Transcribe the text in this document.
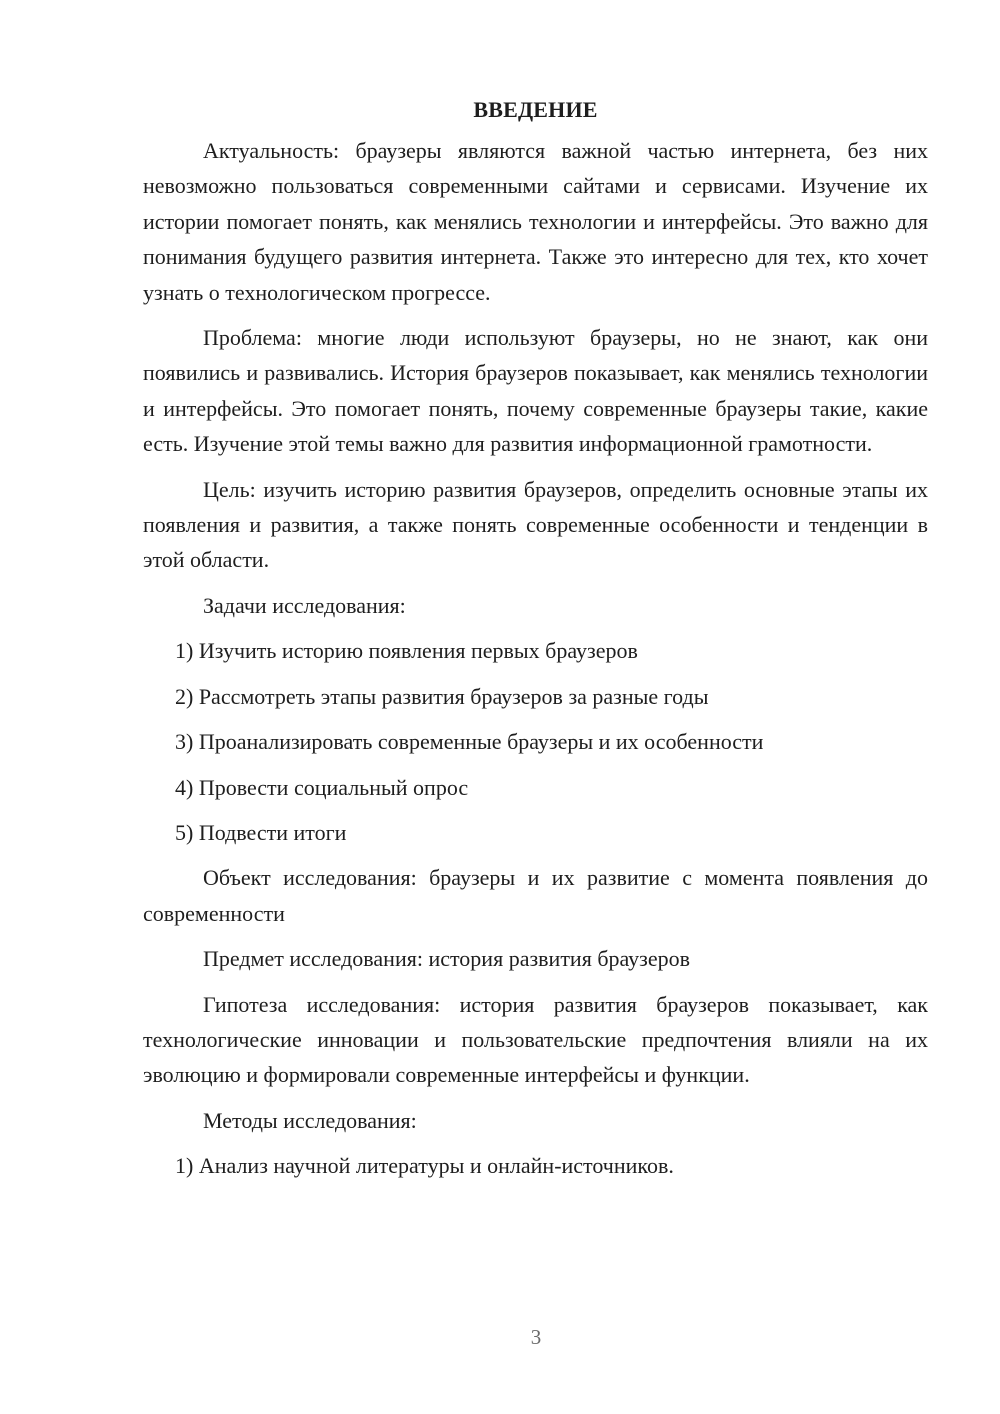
ВВЕДЕНИЕ

Актуальность: браузеры являются важной частью интернета, без них невозможно пользоваться современными сайтами и сервисами. Изучение их истории помогает понять, как менялись технологии и интерфейсы. Это важно для понимания будущего развития интернета. Также это интересно для тех, кто хочет узнать о технологическом прогрессе.

Проблема: многие люди используют браузеры, но не знают, как они появились и развивались. История браузеров показывает, как менялись технологии и интерфейсы. Это помогает понять, почему современные браузеры такие, какие есть. Изучение этой темы важно для развития информационной грамотности.

Цель: изучить историю развития браузеров, определить основные этапы их появления и развития, а также понять современные особенности и тенденции в этой области.

Задачи исследования:

1) Изучить историю появления первых браузеров
2) Рассмотреть этапы развития браузеров за разные годы
3) Проанализировать современные браузеры и их особенности
4) Провести социальный опрос
5) Подвести итоги

Объект исследования: браузеры и их развитие с момента появления до современности

Предмет исследования: история развития браузеров

Гипотеза исследования: история развития браузеров показывает, как технологические инновации и пользовательские предпочтения влияли на их эволюцию и формировали современные интерфейсы и функции.

Методы исследования:

1) Анализ научной литературы и онлайн-источников.
3
